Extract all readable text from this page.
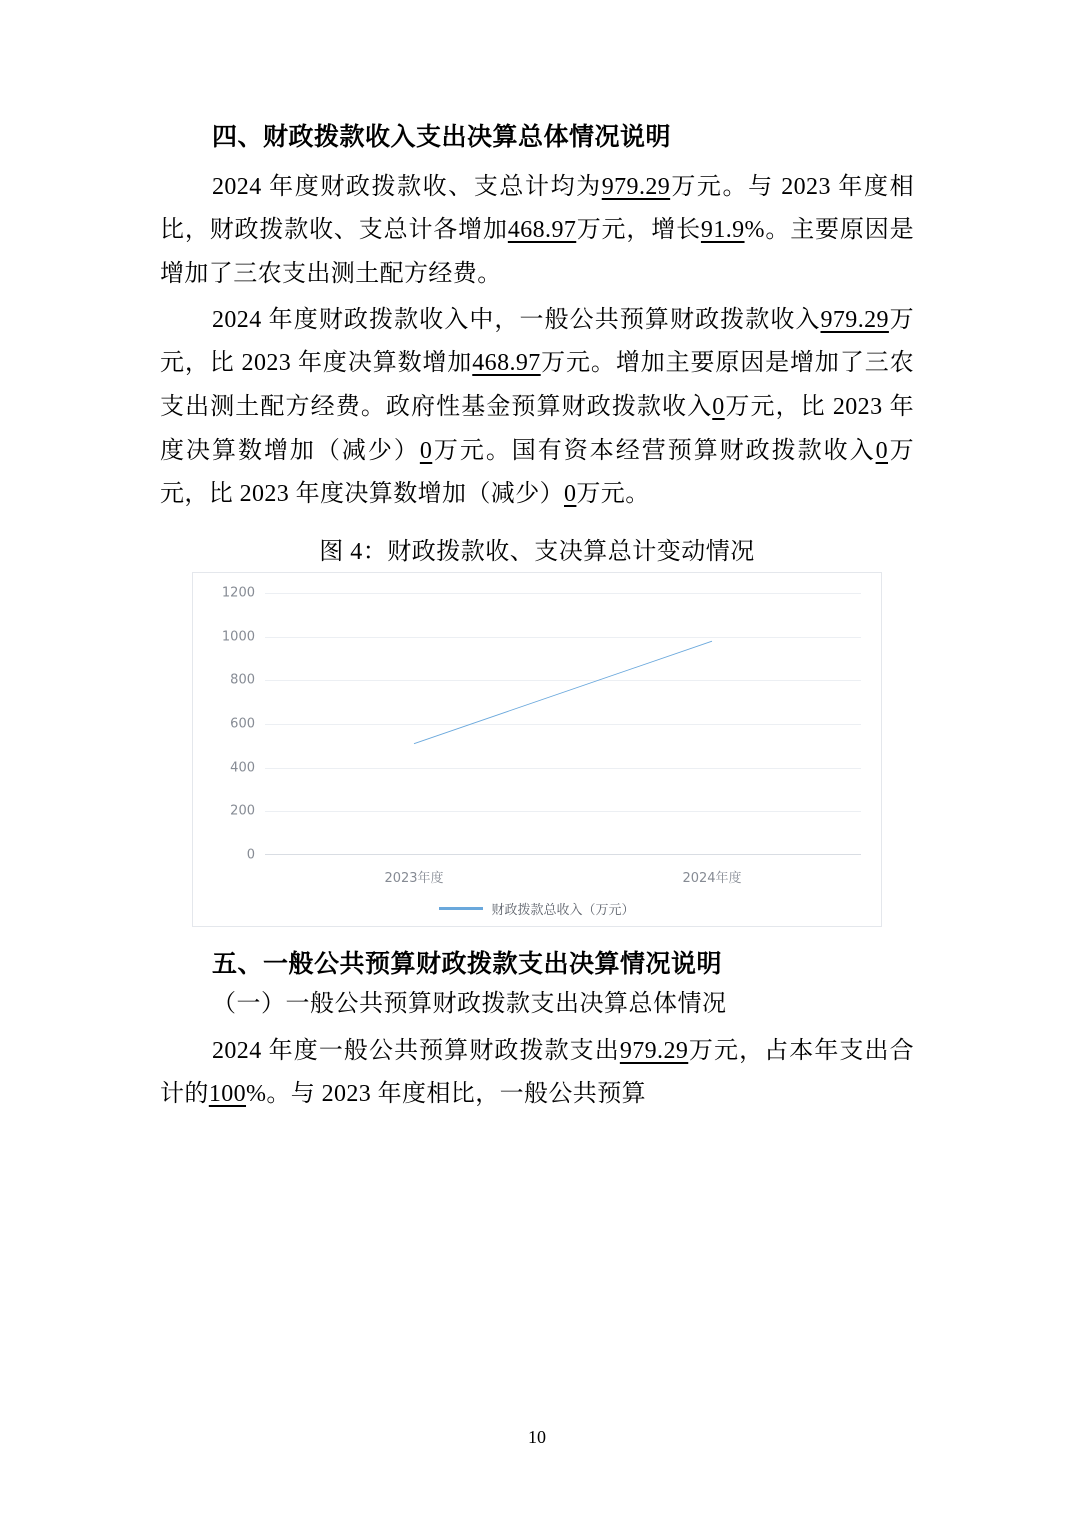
四、财政拨款收入支出决算总体情况说明

2024 年度财政拨款收、支总计均为979.29万元。与 2023 年度相比，财政拨款收、支总计各增加468.97万元，增长91.9%。主要原因是增加了三农支出测土配方经费。

2024 年度财政拨款收入中，一般公共预算财政拨款收入979.29万元，比 2023 年度决算数增加468.97万元。增加主要原因是增加了三农支出测土配方经费。政府性基金预算财政拨款收入0万元，比 2023 年度决算数增加（减少）0万元。国有资本经营预算财政拨款收入0万元，比 2023 年度决算数增加（减少）0万元。

图 4：财政拨款收、支决算总计变动情况
1200
1000
800
600
400
200
0
2023年度	2024年度
财政拨款总收入（万元）
五、一般公共预算财政拨款支出决算情况说明
（一）一般公共预算财政拨款支出决算总体情况

2024 年度一般公共预算财政拨款支出979.29万元，占本年支出合计的100%。与 2023 年度相比，一般公共预算

10
